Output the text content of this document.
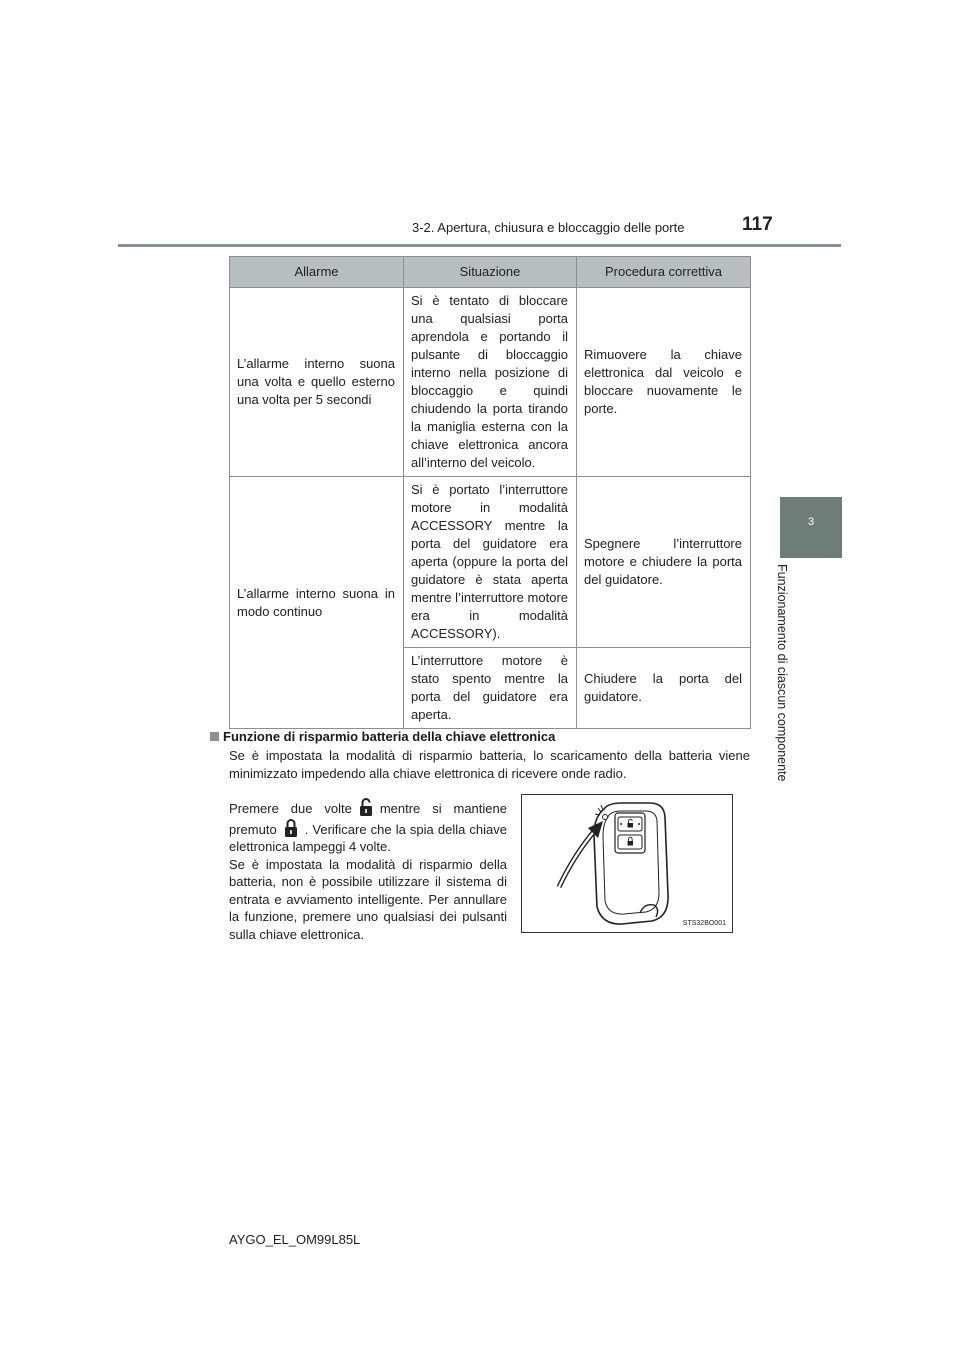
3-2. Apertura, chiusura e bloccaggio delle porte	117
3
Funzionamento di ciascun componente
Allarme	Situazione	Procedura correttiva
L’allarme interno suona una volta e quello esterno una volta per 5 secondi	Si è tentato di bloccare una qualsiasi porta aprendola e portando il pulsante di bloccaggio interno nella posizione di bloccaggio e quindi chiudendo la porta tirando la maniglia esterna con la chiave elettronica ancora all’interno del veicolo.	Rimuovere la chiave elettronica dal veicolo e bloccare nuovamente le porte.
L’allarme interno suona in modo continuo	Si è portato l’interruttore motore in modalità ACCESSORY mentre la porta del guidatore era aperta (oppure la porta del guidatore è stata aperta mentre l’interruttore motore era in modalità ACCESSORY).	Spegnere l’interruttore motore e chiudere la porta del guidatore.
	L’interruttore motore è stato spento mentre la porta del guidatore era aperta.	Chiudere la porta del guidatore.
Funzione di risparmio batteria della chiave elettronica
Se è impostata la modalità di risparmio batteria, lo scaricamento della batteria viene minimizzato impedendo alla chiave elettronica di ricevere onde radio.
Premere due volte mentre si mantiene premuto . Verificare che la spia della chiave elettronica lampeggi 4 volte.
Se è impostata la modalità di risparmio della batteria, non è possibile utilizzare il sistema di entrata e avviamento intelligente. Per annullare la funzione, premere uno qualsiasi dei pulsanti sulla chiave elettronica.
STS32BO001
AYGO_EL_OM99L85L
